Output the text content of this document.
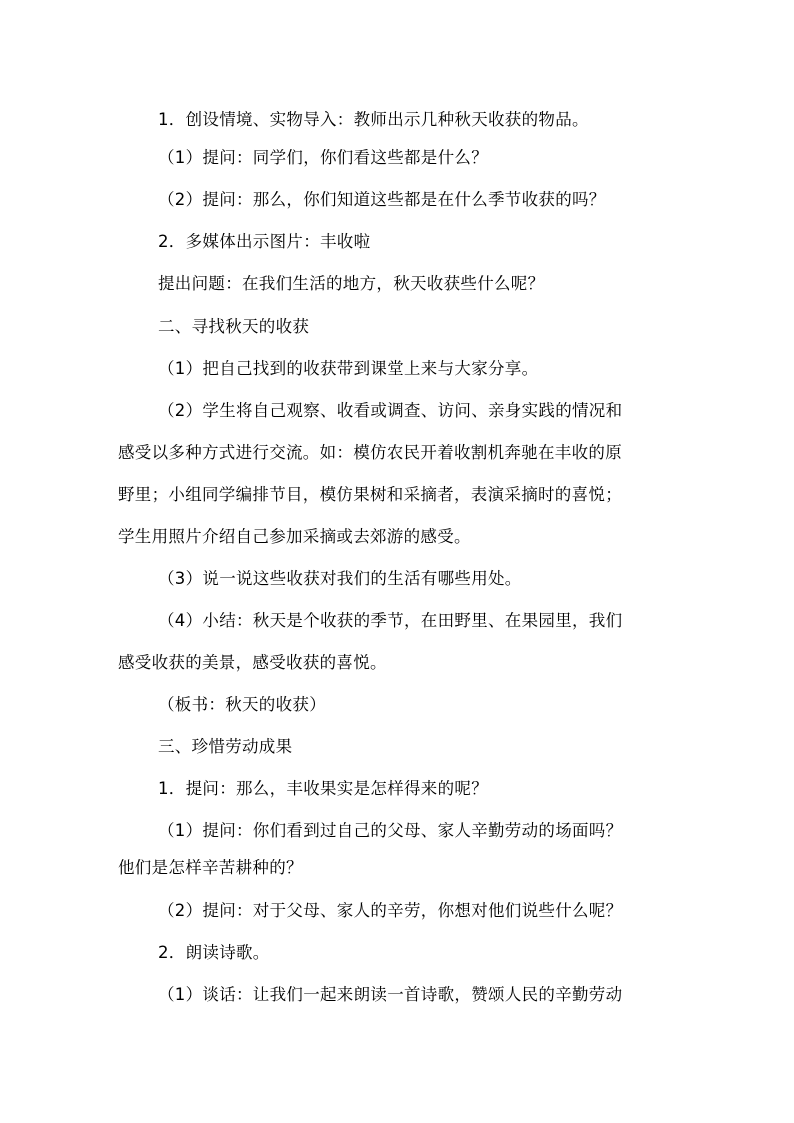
1．创设情境、实物导入：教师出示几种秋天收获的物品。

（1）提问：同学们，你们看这些都是什么？

（2）提问：那么，你们知道这些都是在什么季节收获的吗？

2．多媒体出示图片：丰收啦

提出问题：在我们生活的地方，秋天收获些什么呢？

二、寻找秋天的收获

（1）把自己找到的收获带到课堂上来与大家分享。

（2）学生将自己观察、收看或调查、访问、亲身实践的情况和

感受以多种方式进行交流。如：模仿农民开着收割机奔驰在丰收的原

野里；小组同学编排节目，模仿果树和采摘者，表演采摘时的喜悦；

学生用照片介绍自己参加采摘或去郊游的感受。

（3）说一说这些收获对我们的生活有哪些用处。

（4）小结：秋天是个收获的季节，在田野里、在果园里，我们

感受收获的美景，感受收获的喜悦。

（板书：秋天的收获）

三、珍惜劳动成果

1．提问：那么，丰收果实是怎样得来的呢？

（1）提问：你们看到过自己的父母、家人辛勤劳动的场面吗？

他们是怎样辛苦耕种的？

（2）提问：对于父母、家人的辛劳，你想对他们说些什么呢？

2．朗读诗歌。

（1）谈话：让我们一起来朗读一首诗歌，赞颂人民的辛勤劳动
